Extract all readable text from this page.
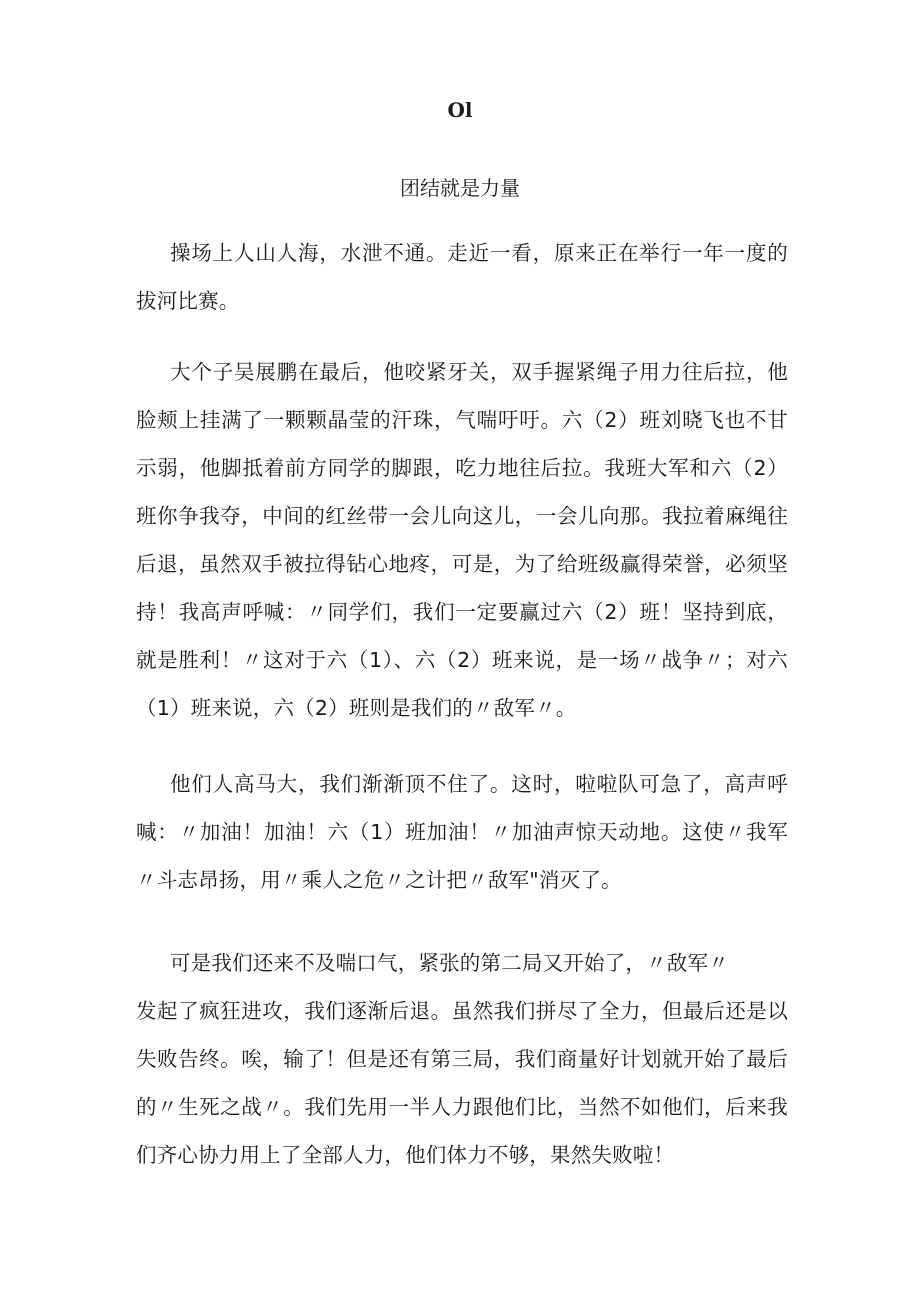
Ol
团结就是力量

操场上人山人海，水泄不通。走近一看，原来正在举行一年一度的拔河比赛。

大个子吴展鹏在最后，他咬紧牙关，双手握紧绳子用力往后拉，他脸颊上挂满了一颗颗晶莹的汗珠，气喘吁吁。六（2）班刘晓飞也不甘示弱，他脚抵着前方同学的脚跟，吃力地往后拉。我班大军和六（2）班你争我夺，中间的红丝带一会儿向这儿，一会儿向那。我拉着麻绳往后退，虽然双手被拉得钻心地疼，可是，为了给班级赢得荣誉，必须坚持！我高声呼喊：〃同学们，我们一定要赢过六（2）班！坚持到底，就是胜利！〃这对于六（1）、六（2）班来说，是一场〃战争〃；对六（1）班来说，六（2）班则是我们的〃敌军〃。

他们人高马大，我们渐渐顶不住了。这时，啦啦队可急了，高声呼喊：〃加油！加油！六（1）班加油！〃加油声惊天动地。这使〃我军〃斗志昂扬，用〃乘人之危〃之计把〃敌军"消灭了。

可是我们还来不及喘口气，紧张的第二局又开始了，〃敌军〃

发起了疯狂进攻，我们逐渐后退。虽然我们拼尽了全力，但最后还是以失败告终。唉，输了！但是还有第三局，我们商量好计划就开始了最后的〃生死之战〃。我们先用一半人力跟他们比，当然不如他们，后来我们齐心协力用上了全部人力，他们体力不够，果然失败啦！
